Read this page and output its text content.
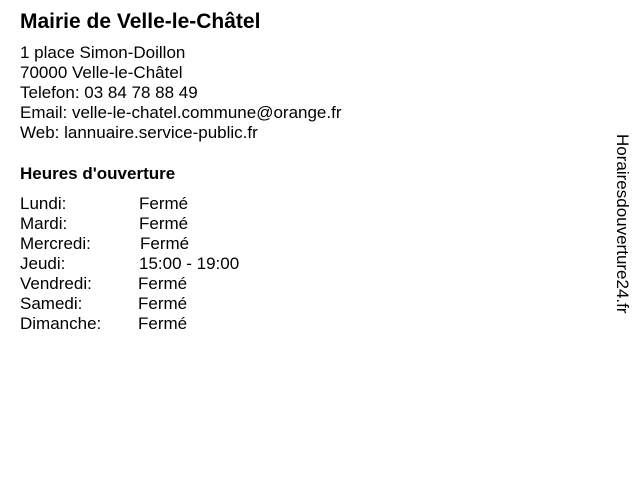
Mairie de Velle-le-Châtel
1 place Simon-Doillon
70000 Velle-le-Châtel
Telefon: 03 84 78 88 49
Email: velle-le-chatel.commune@orange.fr
Web: lannuaire.service-public.fr
Heures d'ouverture
Lundi:	Fermé
Mardi:	Fermé
Mercredi:	Fermé
Jeudi:	15:00 - 19:00
Vendredi:	Fermé
Samedi:	Fermé
Dimanche: Fermé
Horairesdouverture24.fr
